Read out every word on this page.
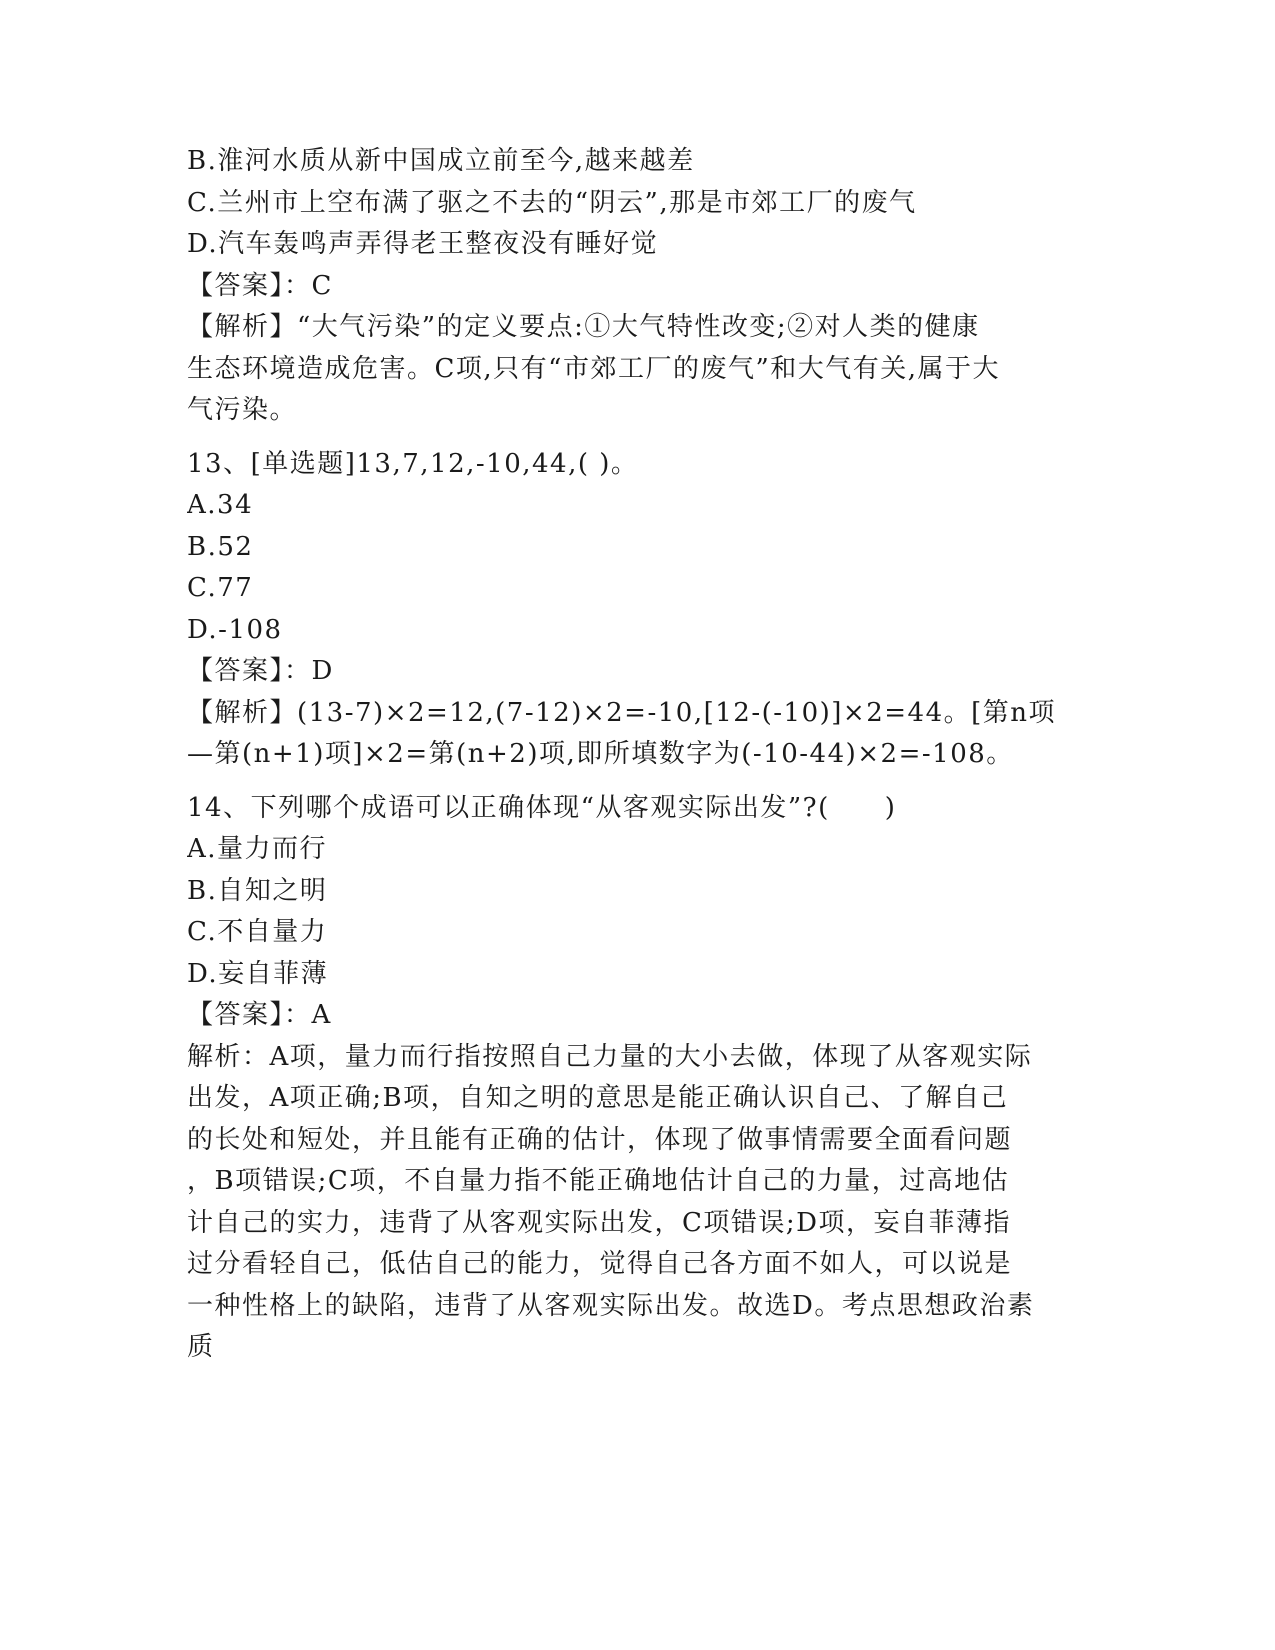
B.淮河水质从新中国成立前至今,越来越差
C.兰州市上空布满了驱之不去的“阴云”,那是市郊工厂的废气
D.汽车轰鸣声弄得老王整夜没有睡好觉
【答案】：C
【解析】“大气污染”的定义要点:①大气特性改变;②对人类的健康
生态环境造成危害。C项,只有“市郊工厂的废气”和大气有关,属于大
气污染。
13、[单选题]13,7,12,-10,44,( )。
A.34
B.52
C.77
D.-108
【答案】：D
【解析】(13-7)×2=12,(7-12)×2=-10,[12-(-10)]×2=44。[第n项
—第(n+1)项]×2=第(n+2)项,即所填数字为(-10-44)×2=-108。
14、下列哪个成语可以正确体现“从客观实际出发”?(　　)
A.量力而行
B.自知之明
C.不自量力
D.妄自菲薄
【答案】：A
解析：A项，量力而行指按照自己力量的大小去做，体现了从客观实际
出发，A项正确;B项，自知之明的意思是能正确认识自己、了解自己
的长处和短处，并且能有正确的估计，体现了做事情需要全面看问题
，B项错误;C项，不自量力指不能正确地估计自己的力量，过高地估
计自己的实力，违背了从客观实际出发，C项错误;D项，妄自菲薄指
过分看轻自己，低估自己的能力，觉得自己各方面不如人，可以说是
一种性格上的缺陷，违背了从客观实际出发。故选D。考点思想政治素
质
